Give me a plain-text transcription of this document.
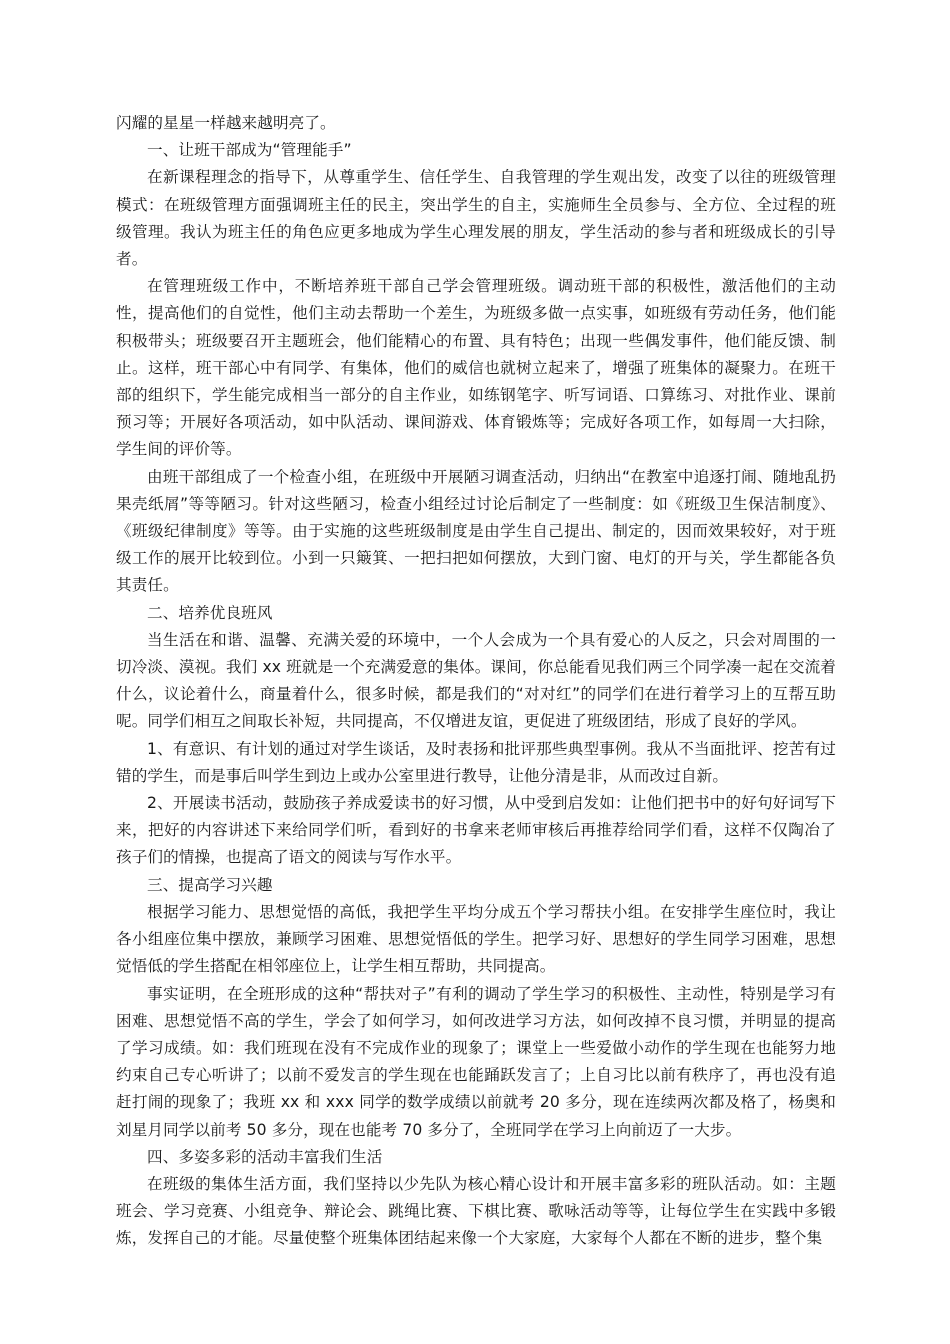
闪耀的星星一样越来越明亮了。

一、让班干部成为“管理能手”

在新课程理念的指导下，从尊重学生、信任学生、自我管理的学生观出发，改变了以往的班级管理模式：在班级管理方面强调班主任的民主，突出学生的自主，实施师生全员参与、全方位、全过程的班级管理。我认为班主任的角色应更多地成为学生心理发展的朋友，学生活动的参与者和班级成长的引导者。

在管理班级工作中，不断培养班干部自己学会管理班级。调动班干部的积极性，激活他们的主动性，提高他们的自觉性，他们主动去帮助一个差生，为班级多做一点实事，如班级有劳动任务，他们能积极带头；班级要召开主题班会，他们能精心的布置、具有特色；出现一些偶发事件，他们能反馈、制止。这样，班干部心中有同学、有集体，他们的威信也就树立起来了，增强了班集体的凝聚力。在班干部的组织下，学生能完成相当一部分的自主作业，如练钢笔字、听写词语、口算练习、对批作业、课前预习等；开展好各项活动，如中队活动、课间游戏、体育锻炼等；完成好各项工作，如每周一大扫除，学生间的评价等。

由班干部组成了一个检查小组，在班级中开展陋习调查活动，归纳出“在教室中追逐打闹、随地乱扔果壳纸屑”等等陋习。针对这些陋习，检查小组经过讨论后制定了一些制度：如《班级卫生保洁制度》、《班级纪律制度》等等。由于实施的这些班级制度是由学生自己提出、制定的，因而效果较好，对于班级工作的展开比较到位。小到一只簸箕、一把扫把如何摆放，大到门窗、电灯的开与关，学生都能各负其责任。

二、培养优良班风

当生活在和谐、温馨、充满关爱的环境中，一个人会成为一个具有爱心的人反之，只会对周围的一切冷淡、漠视。我们 xx 班就是一个充满爱意的集体。课间，你总能看见我们两三个同学凑一起在交流着什么，议论着什么，商量着什么，很多时候，都是我们的“对对红”的同学们在进行着学习上的互帮互助呢。同学们相互之间取长补短，共同提高，不仅增进友谊，更促进了班级团结，形成了良好的学风。

1、有意识、有计划的通过对学生谈话，及时表扬和批评那些典型事例。我从不当面批评、挖苦有过错的学生，而是事后叫学生到边上或办公室里进行教导，让他分清是非，从而改过自新。

2、开展读书活动，鼓励孩子养成爱读书的好习惯，从中受到启发如：让他们把书中的好句好词写下来，把好的内容讲述下来给同学们听，看到好的书拿来老师审核后再推荐给同学们看，这样不仅陶冶了孩子们的情操，也提高了语文的阅读与写作水平。

三、提高学习兴趣

根据学习能力、思想觉悟的高低，我把学生平均分成五个学习帮扶小组。在安排学生座位时，我让各小组座位集中摆放，兼顾学习困难、思想觉悟低的学生。把学习好、思想好的学生同学习困难，思想觉悟低的学生搭配在相邻座位上，让学生相互帮助，共同提高。

事实证明，在全班形成的这种“帮扶对子”有利的调动了学生学习的积极性、主动性，特别是学习有困难、思想觉悟不高的学生，学会了如何学习，如何改进学习方法，如何改掉不良习惯，并明显的提高了学习成绩。如：我们班现在没有不完成作业的现象了；课堂上一些爱做小动作的学生现在也能努力地约束自己专心听讲了；以前不爱发言的学生现在也能踊跃发言了；上自习比以前有秩序了，再也没有追赶打闹的现象了；我班 xx 和 xxx 同学的数学成绩以前就考 20 多分，现在连续两次都及格了，杨奥和刘星月同学以前考 50 多分，现在也能考 70 多分了，全班同学在学习上向前迈了一大步。

四、多姿多彩的活动丰富我们生活

在班级的集体生活方面，我们坚持以少先队为核心精心设计和开展丰富多彩的班队活动。如：主题班会、学习竞赛、小组竞争、辩论会、跳绳比赛、下棋比赛、歌咏活动等等，让每位学生在实践中多锻炼，发挥自己的才能。尽量使整个班集体团结起来像一个大家庭，大家每个人都在不断的进步，整个集
